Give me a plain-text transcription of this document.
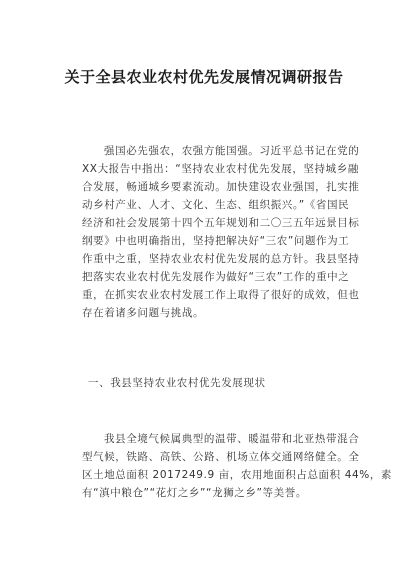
关于全县农业农村优先发展情况调研报告
强国必先强农，农强方能国强。习近平总书记在党的
XX大报告中指出：“坚持农业农村优先发展，坚持城乡融
合发展，畅通城乡要素流动。加快建设农业强国，扎实推
动乡村产业、人才、文化、生态、组织振兴。”《省国民
经济和社会发展第十四个五年规划和二〇三五年远景目标
纲要》中也明确指出，坚持把解决好“三农”问题作为工
作重中之重，坚持农业农村优先发展的总方针。我县坚持
把落实农业农村优先发展作为做好“三农”工作的重中之
重，在抓实农业农村发展工作上取得了很好的成效，但也
存在着诸多问题与挑战。
一、我县坚持农业农村优先发展现状
我县全境气候属典型的温带、暖温带和北亚热带混合
型气候，铁路、高铁、公路、机场立体交通网络健全。全
区土地总面积 2017249.9 亩，农用地面积占总面积 44%，素
有“滇中粮仓”“花灯之乡”“龙狮之乡”等美誉。
